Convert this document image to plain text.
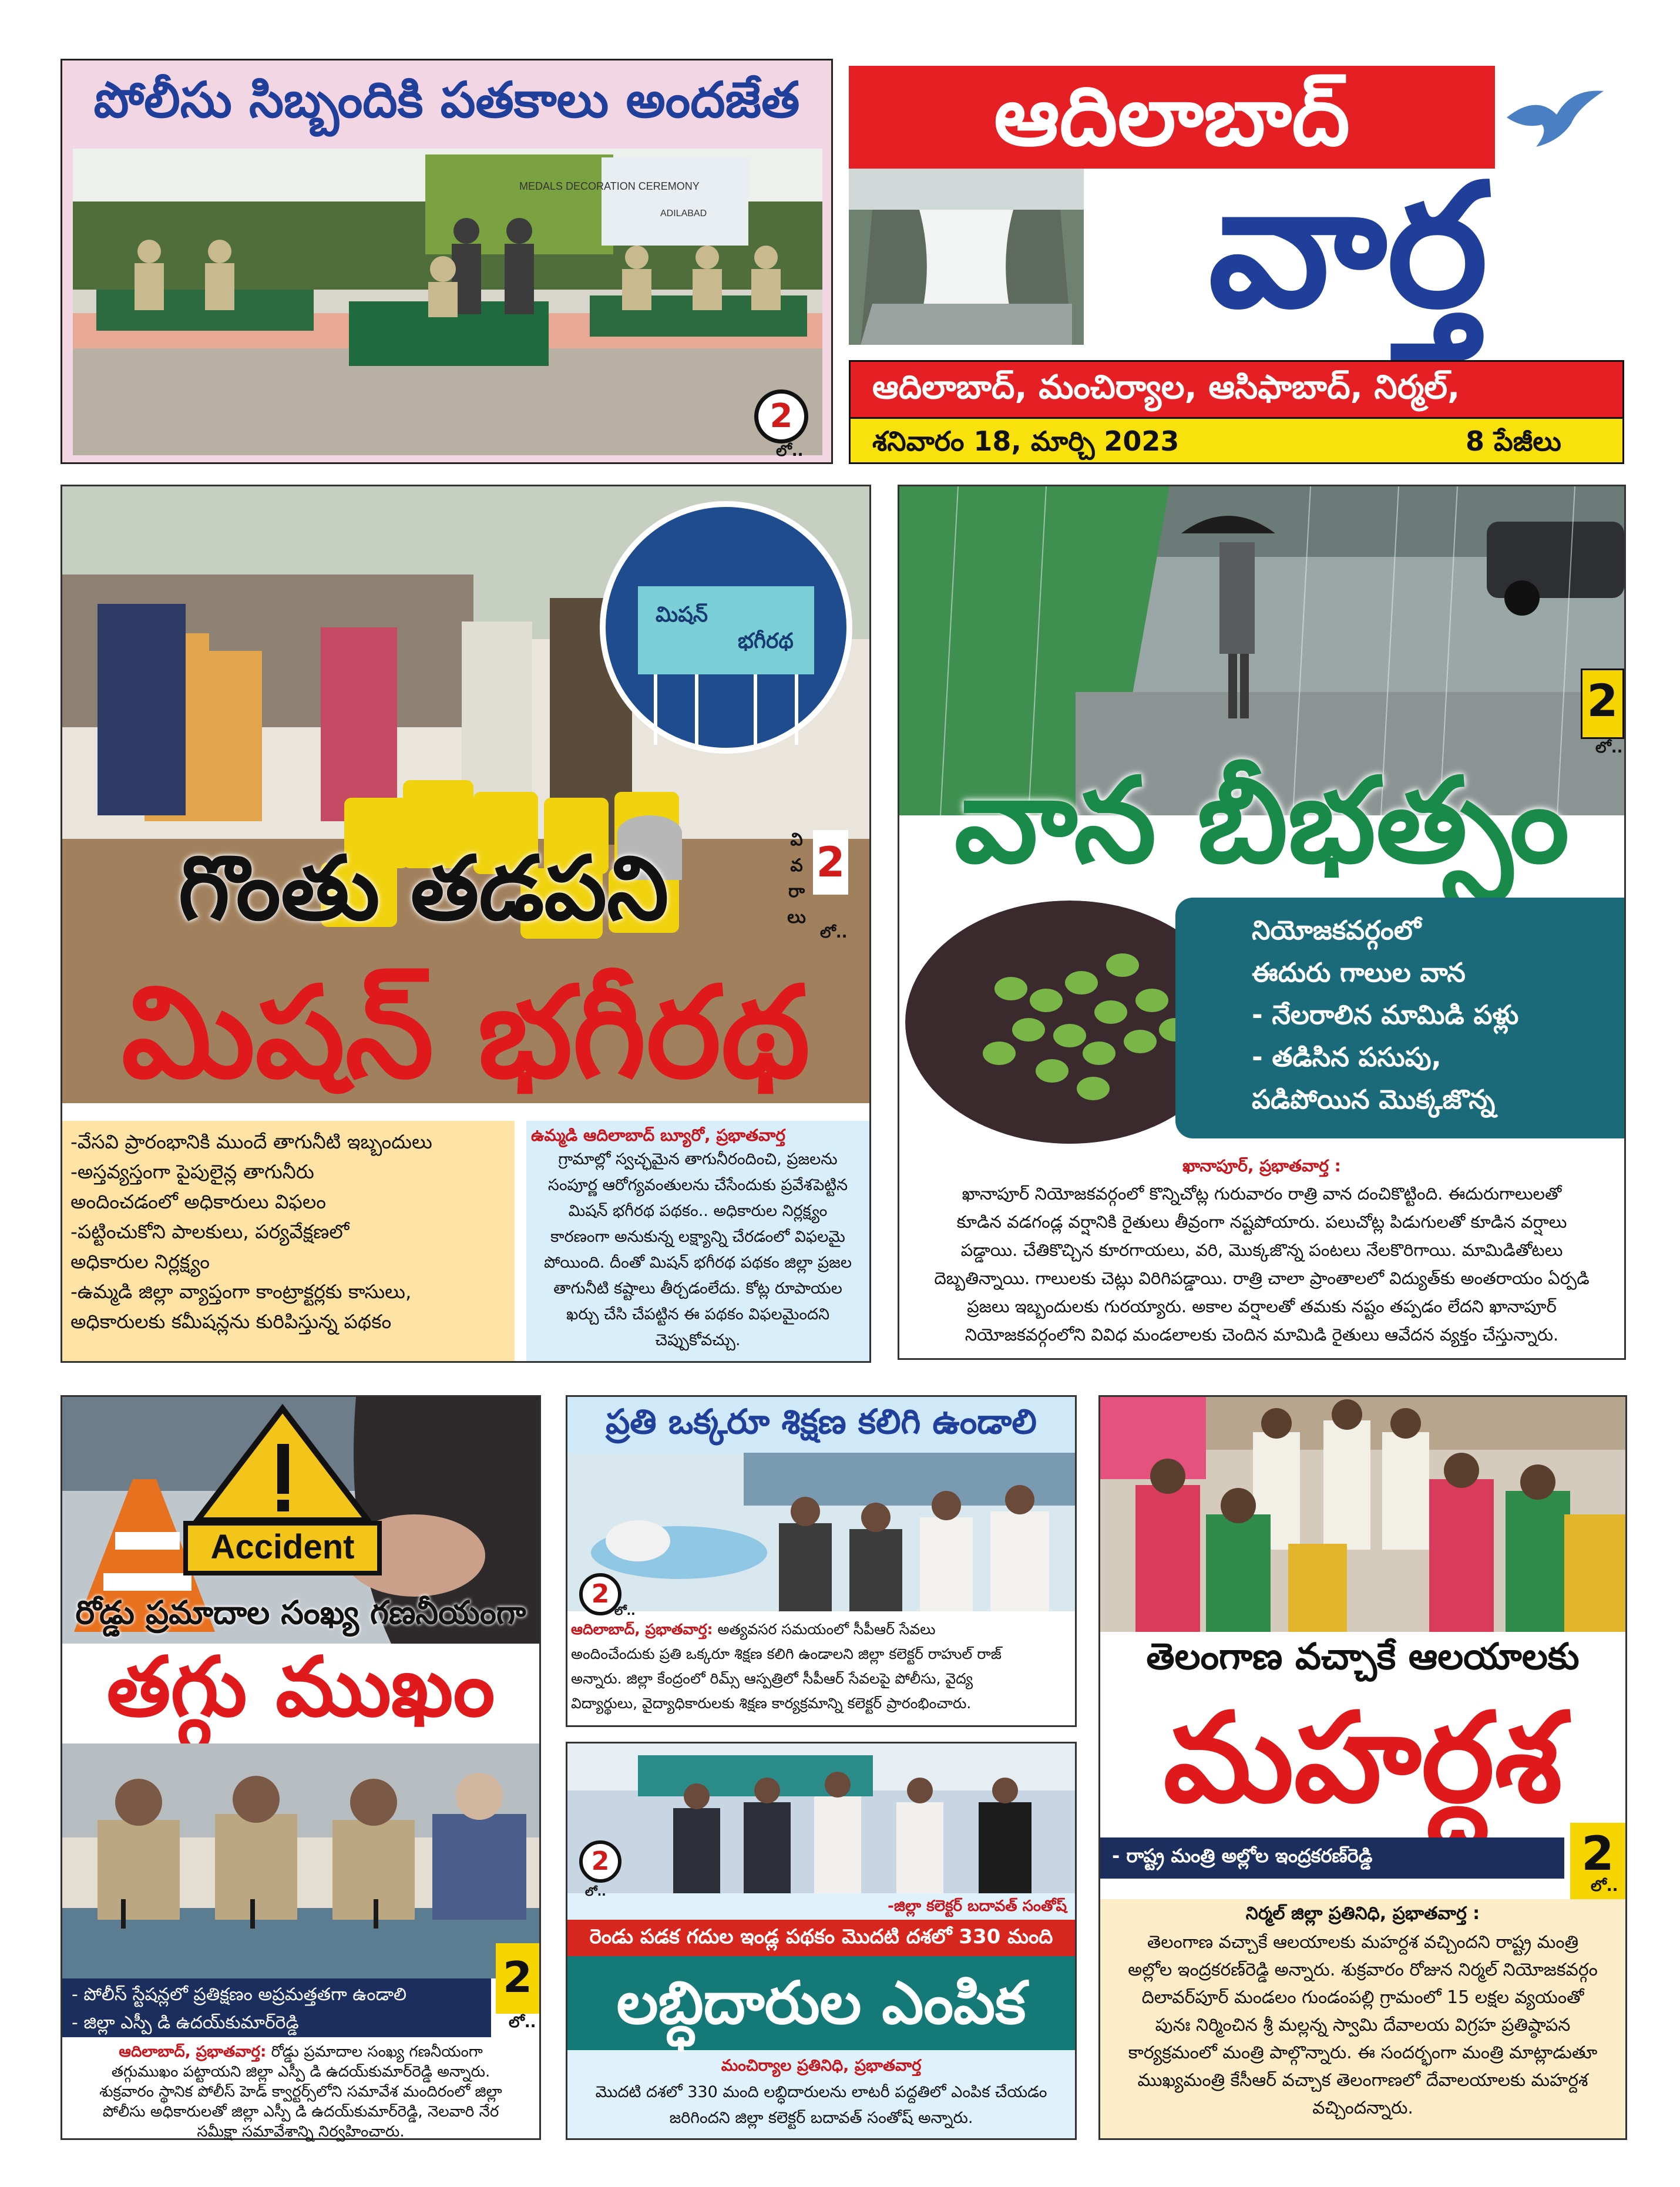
పోలీసు సిబ్బందికి పతకాలు అందజేత
MEDALS DECORATION CEREMONY
ADILABAD
2
లో..
ఆదిలాబాద్
వార్త
ఆదిలాబాద్, మంచిర్యాల, ఆసిఫాబాద్, నిర్మల్,
శనివారం 18, మార్చి 2023	8 పేజీలు
మిషన్
భగీరథ
గొంతు తడపని	వి
వ
రా
లు
2
లో..
మిషన్ భగీరథ
-వేసవి ప్రారంభానికి ముందే తాగునీటి ఇబ్బందులు
-అస్తవ్యస్తంగా పైపులైన్ల తాగునీరు
అందించడంలో అధికారులు విఫలం
-పట్టించుకోని పాలకులు, పర్యవేక్షణలో
అధికారుల నిర్లక్ష్యం
-ఉమ్మడి జిల్లా వ్యాప్తంగా కాంట్రాక్టర్లకు కాసులు,
అధికారులకు కమీషన్లను కురిపిస్తున్న పథకం
ఉమ్మడి ఆదిలాబాద్ బ్యూరో, ప్రభాతవార్త
గ్రామాల్లో స్వచ్ఛమైన తాగునీరందించి, ప్రజలను
సంపూర్ణ ఆరోగ్యవంతులను చేసేందుకు ప్రవేశపెట్టిన
మిషన్ భగీరథ పథకం.. అధికారుల నిర్లక్ష్యం
కారణంగా అనుకున్న లక్ష్యాన్ని చేరడంలో విఫలమై
పోయింది. దీంతో మిషన్ భగీరథ పథకం జిల్లా ప్రజల
తాగునీటి కష్టాలు తీర్చడంలేదు. కోట్ల రూపాయల
ఖర్చు చేసి చేపట్టిన ఈ పథకం విఫలమైందని
చెప్పుకోవచ్చు.
2
లో..
వాన బీభత్సం
నియోజకవర్గంలో
ఈదురు గాలుల వాన
- నేలరాలిన మామిడి పళ్లు
- తడిసిన పసుపు,
పడిపోయిన మొక్కజొన్న
ఖానాపూర్, ప్రభాతవార్త :
ఖానాపూర్ నియోజకవర్గంలో కొన్నిచోట్ల గురువారం రాత్రి వాన దంచికొట్టింది. ఈదురుగాలులతో
కూడిన వడగండ్ల వర్షానికి రైతులు తీవ్రంగా నష్టపోయారు. పలుచోట్ల పిడుగులతో కూడిన వర్షాలు
పడ్డాయి. చేతికొచ్చిన కూరగాయలు, వరి, మొక్కజొన్న పంటలు నేలకొరిగాయి. మామిడితోటలు
దెబ్బతిన్నాయి. గాలులకు చెట్లు విరిగిపడ్డాయి. రాత్రి చాలా ప్రాంతాలలో విద్యుత్‌కు అంతరాయం ఏర్పడి
ప్రజలు ఇబ్బందులకు గురయ్యారు. అకాల వర్షాలతో తమకు నష్టం తప్పడం లేదని ఖానాపూర్
నియోజకవర్గంలోని వివిధ మండలాలకు చెందిన మామిడి రైతులు ఆవేదన వ్యక్తం చేస్తున్నారు.
Accident
రోడ్డు ప్రమాదాల సంఖ్య గణనీయంగా
తగ్గు ముఖం
- పోలీస్ స్టేషన్లలో ప్రతిక్షణం అప్రమత్తతగా ఉండాలి
- జిల్లా ఎస్పీ డి ఉదయ్‌కుమార్‌రెడ్డి
2
లో..
ఆదిలాబాద్, ప్రభాతవార్త: రోడ్డు ప్రమాదాల సంఖ్య గణనీయంగా
తగ్గుముఖం పట్టాయని జిల్లా ఎస్పీ డి ఉదయ్‌కుమార్‌రెడ్డి అన్నారు.
శుక్రవారం స్థానిక పోలీస్ హెడ్ క్వార్టర్స్‌లోని సమావేశ మందిరంలో జిల్లా
పోలీసు అధికారులతో జిల్లా ఎస్పీ డి ఉదయ్‌కుమార్‌రెడ్డి, నెలవారి నేర
సమీక్షా సమావేశాన్ని నిర్వహించారు.
ప్రతి ఒక్కరూ శిక్షణ కలిగి ఉండాలి
2
లో..
ఆదిలాబాద్, ప్రభాతవార్త: అత్యవసర సమయంలో సీపీఆర్ సేవలు
అందించేందుకు ప్రతి ఒక్కరూ శిక్షణ కలిగి ఉండాలని జిల్లా కలెక్టర్ రాహుల్ రాజ్
అన్నారు. జిల్లా కేంద్రంలో రిమ్స్ ఆస్పత్రిలో సీపీఆర్ సేవలపై పోలీసు, వైద్య
విద్యార్థులు, వైద్యాధికారులకు శిక్షణ కార్యక్రమాన్ని కలెక్టర్ ప్రారంభించారు.
2
లో..
-జిల్లా కలెక్టర్ బదావత్ సంతోష్
రెండు పడక గదుల ఇండ్ల పథకం మొదటి దశలో 330 మంది
లబ్ధిదారుల ఎంపిక
మంచిర్యాల ప్రతినిధి, ప్రభాతవార్త
మొదటి దశలో 330 మంది లబ్ధిదారులను లాటరీ పద్దతిలో ఎంపిక చేయడం
జరిగిందని జిల్లా కలెక్టర్ బదావత్ సంతోష్ అన్నారు.
తెలంగాణ వచ్చాకే ఆలయాలకు
మహర్దశ
- రాష్ట్ర మంత్రి అల్లోల ఇంద్రకరణ్‌రెడ్డి	2
లో..
నిర్మల్ జిల్లా ప్రతినిధి, ప్రభాతవార్త :
తెలంగాణ వచ్చాకే ఆలయాలకు మహర్దశ వచ్చిందని రాష్ట్ర మంత్రి
అల్లోల ఇంద్రకరణ్‌రెడ్డి అన్నారు. శుక్రవారం రోజున నిర్మల్ నియోజకవర్గం
దిలావర్‌పూర్ మండలం గుండంపల్లి గ్రామంలో 15 లక్షల వ్యయంతో
పునః నిర్మించిన శ్రీ మల్లన్న స్వామి దేవాలయ విగ్రహ ప్రతిష్ఠాపన
కార్యక్రమంలో మంత్రి పాల్గొన్నారు. ఈ సందర్భంగా మంత్రి మాట్లాడుతూ
ముఖ్యమంత్రి కేసీఆర్ వచ్చాక తెలంగాణలో దేవాలయాలకు మహర్దశ
వచ్చిందన్నారు.
